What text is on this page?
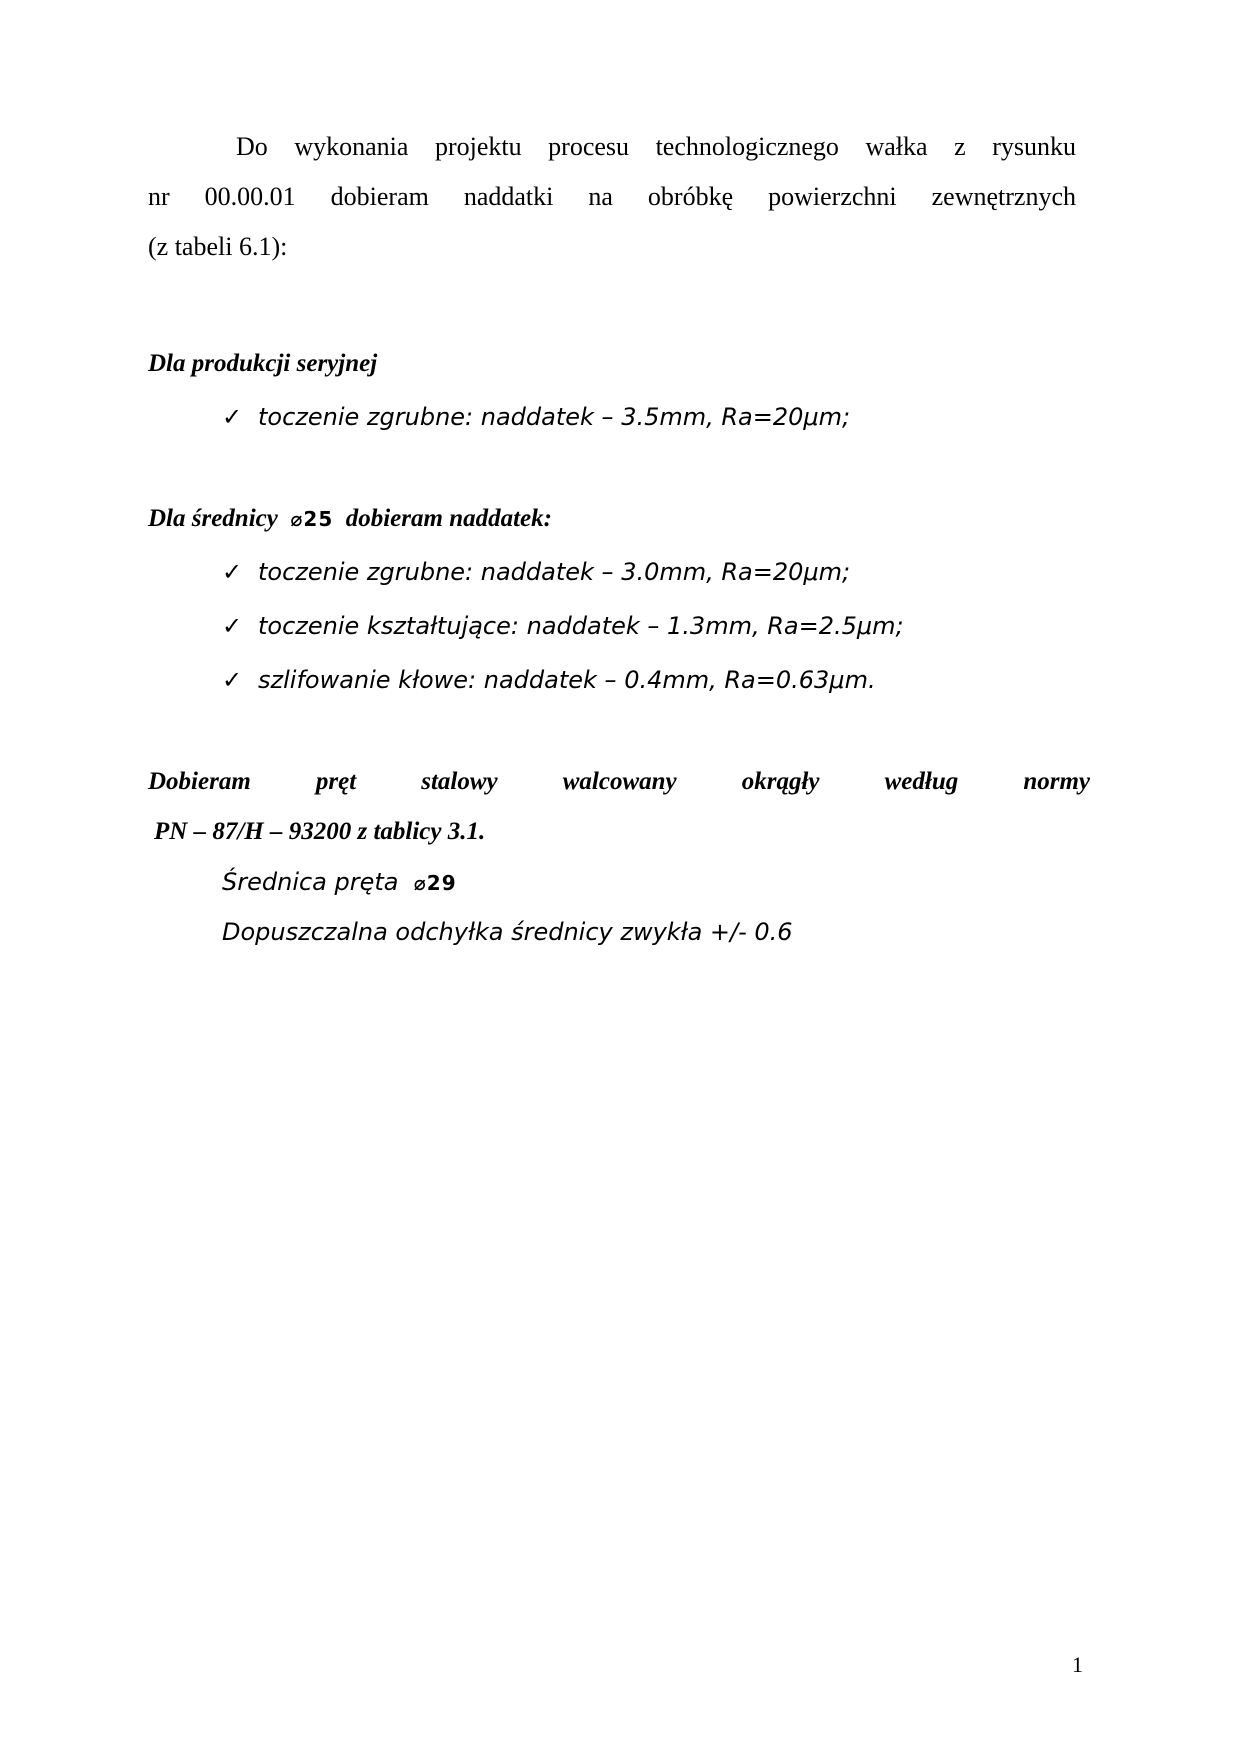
Do wykonania projektu procesu technologicznego wałka z rysunku
nr 00.00.01 dobieram naddatki na obróbkę powierzchni zewnętrznych
(z tabeli 6.1):
Dla produkcji seryjnej
✓ toczenie zgrubne: naddatek – 3.5mm, Ra=20μm;
Dla średnicy ⌀25 dobieram naddatek:
✓ toczenie zgrubne: naddatek – 3.0mm, Ra=20μm;
✓ toczenie kształtujące: naddatek – 1.3mm, Ra=2.5μm;
✓ szlifowanie kłowe: naddatek – 0.4mm, Ra=0.63μm.
Dobieram	pręt	stalowy	walcowany	okrągły	według	normy
PN – 87/H – 93200 z tablicy 3.1.
Średnica pręta ⌀29
Dopuszczalna odchyłka średnicy zwykła +/- 0.6
1
